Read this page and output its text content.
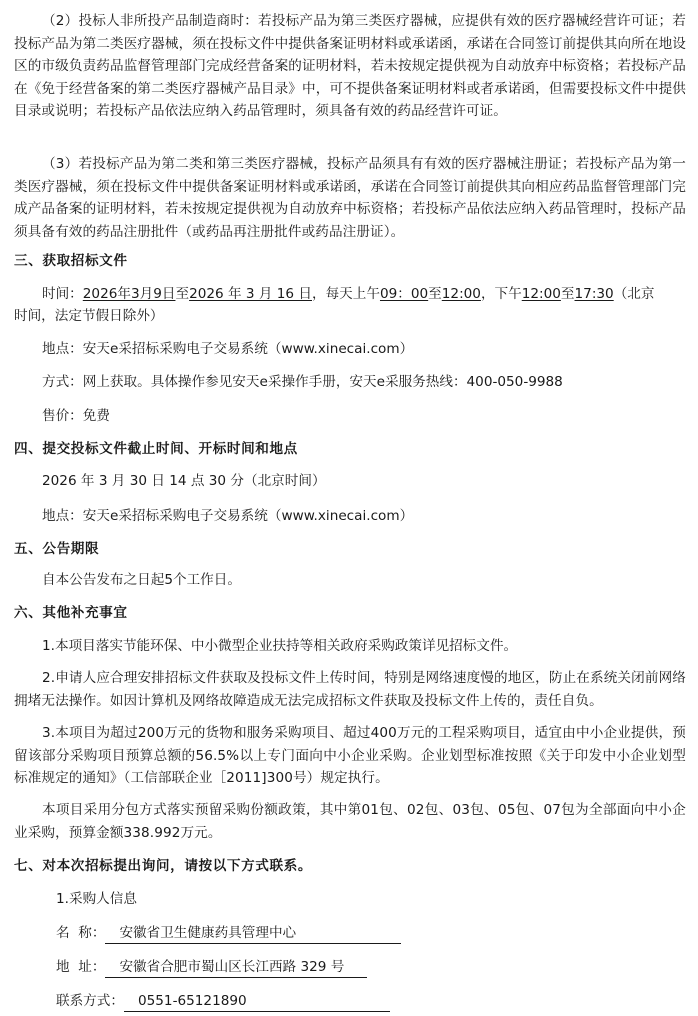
（2）投标人非所投产品制造商时：若投标产品为第三类医疗器械，应提供有效的医疗器械经营许可证；若投标产品为第二类医疗器械，须在投标文件中提供备案证明材料或承诺函，承诺在合同签订前提供其向所在地设区的市级负责药品监督管理部门完成经营备案的证明材料，若未按规定提供视为自动放弃中标资格；若投标产品在《免于经营备案的第二类医疗器械产品目录》中，可不提供备案证明材料或者承诺函，但需要投标文件中提供目录或说明；若投标产品依法应纳入药品管理时，须具备有效的药品经营许可证。

（3）若投标产品为第二类和第三类医疗器械，投标产品须具有有效的医疗器械注册证；若投标产品为第一类医疗器械，须在投标文件中提供备案证明材料或承诺函，承诺在合同签订前提供其向相应药品监督管理部门完成产品备案的证明材料，若未按规定提供视为自动放弃中标资格；若投标产品依法应纳入药品管理时，投标产品须具备有效的药品注册批件（或药品再注册批件或药品注册证）。

三、获取招标文件

时间：2026年3月9日至2026 年 3 月 16 日，每天上午09：00至12:00，下午12:00至17:30（北京

时间，法定节假日除外）

地点：安天e采招标采购电子交易系统（www.xinecai.com）

方式：网上获取。具体操作参见安天e采操作手册，安天e采服务热线：400-050-9988

售价：免费

四、提交投标文件截止时间、开标时间和地点

2026 年 3 月 30 日 14 点 30 分（北京时间）

地点：安天e采招标采购电子交易系统（www.xinecai.com）

五、公告期限

自本公告发布之日起5个工作日。

六、其他补充事宜

1.本项目落实节能环保、中小微型企业扶持等相关政府采购政策详见招标文件。

2.申请人应合理安排招标文件获取及投标文件上传时间，特别是网络速度慢的地区，防止在系统关闭前网络拥堵无法操作。如因计算机及网络故障造成无法完成招标文件获取及投标文件上传的，责任自负。

3.本项目为超过200万元的货物和服务采购项目、超过400万元的工程采购项目，适宜由中小企业提供，预留该部分采购项目预算总额的56.5%以上专门面向中小企业采购。企业划型标准按照《关于印发中小企业划型标准规定的通知》（工信部联企业［2011]300号）规定执行。

本项目采用分包方式落实预留采购份额政策，其中第01包、02包、03包、05包、07包为全部面向中小企业采购，预算金额338.992万元。

七、对本次招标提出询问，请按以下方式联系。

1.采购人信息

名  称： 安徽省卫生健康药具管理中心
地  址： 安徽省合肥市蜀山区长江西路 329 号
联系方式： 0551-65121890
